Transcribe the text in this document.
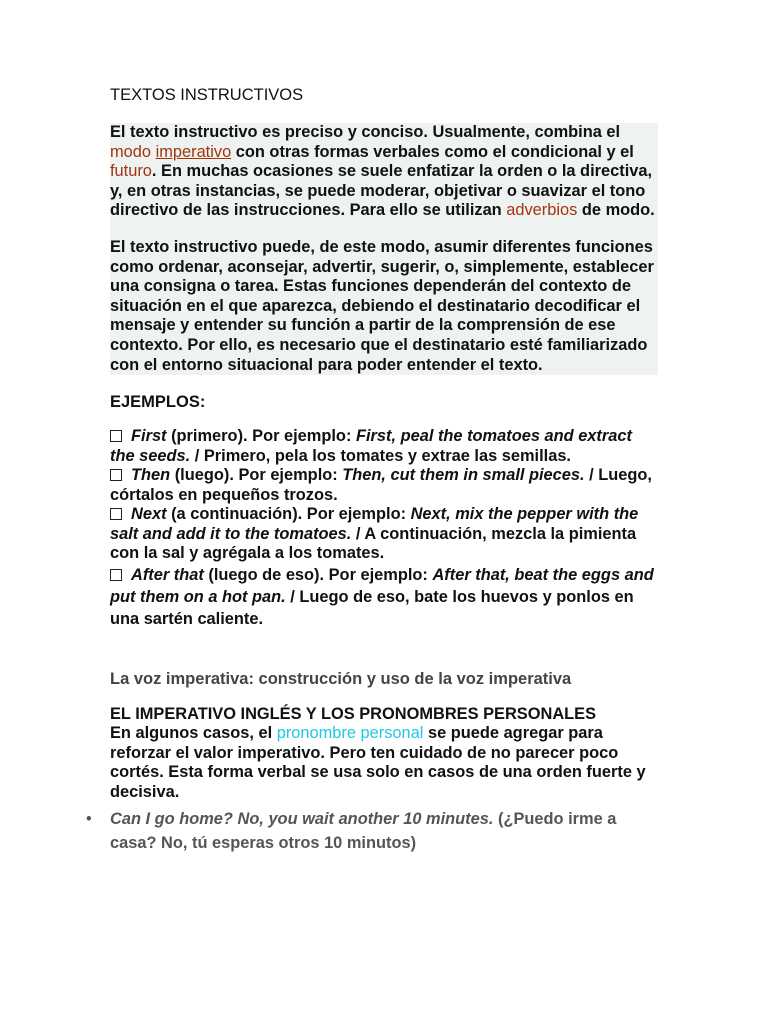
TEXTOS INSTRUCTIVOS

El texto instructivo es preciso y conciso. Usualmente, combina el modo imperativo con otras formas verbales como el condicional y el futuro. En muchas ocasiones se suele enfatizar la orden o la directiva, y, en otras instancias, se puede moderar, objetivar o suavizar el tono directivo de las instrucciones. Para ello se utilizan adverbios de modo.

El texto instructivo puede, de este modo, asumir diferentes funciones como ordenar, aconsejar, advertir, sugerir, o, simplemente, establecer una consigna o tarea. Estas funciones dependerán del contexto de situación en el que aparezca, debiendo el destinatario decodificar el mensaje y entender su función a partir de la comprensión de ese contexto. Por ello, es necesario que el destinatario esté familiarizado con el entorno situacional para poder entender el texto.

EJEMPLOS:

First (primero). Por ejemplo: First, peal the tomatoes and extract the seeds. / Primero, pela los tomates y extrae las semillas.

Then (luego). Por ejemplo: Then, cut them in small pieces. / Luego, córtalos en pequeños trozos.

Next (a continuación). Por ejemplo: Next, mix the pepper with the salt and add it to the tomatoes. / A continuación, mezcla la pimienta con la sal y agrégala a los tomates.

After that (luego de eso). Por ejemplo: After that, beat the eggs and put them on a hot pan. / Luego de eso, bate los huevos y ponlos en una sartén caliente.

La voz imperativa: construcción y uso de la voz imperativa
EL IMPERATIVO INGLÉS Y LOS PRONOMBRES PERSONALES

En algunos casos, el pronombre personal se puede agregar para reforzar el valor imperativo. Pero ten cuidado de no parecer poco cortés. Esta forma verbal se usa solo en casos de una orden fuerte y decisiva.

• Can I go home? No, you wait another 10 minutes. (¿Puedo irme a casa? No, tú esperas otros 10 minutos)
